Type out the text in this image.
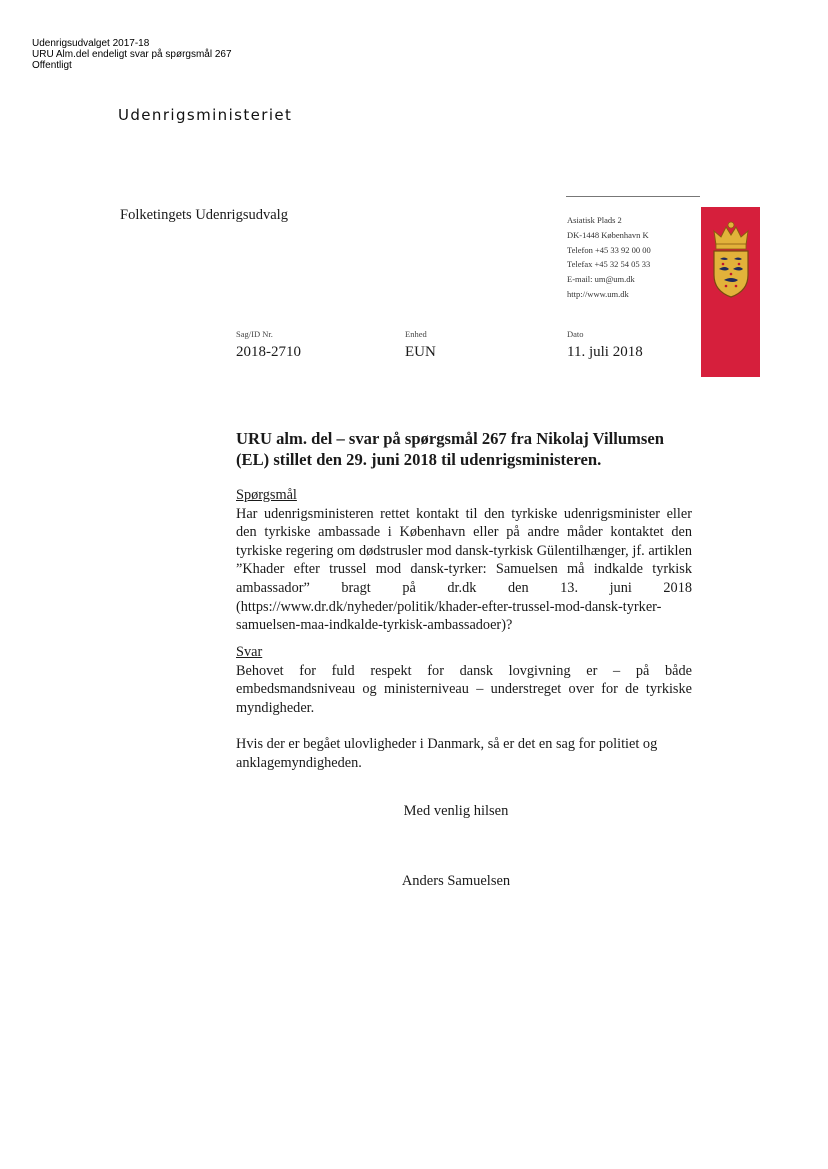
Udenrigsudvalget 2017-18
URU Alm.del endeligt svar på spørgsmål 267
Offentligt
Udenrigsministeriet
Folketingets Udenrigsudvalg	Asiatisk Plads 2
DK-1448 København K
Telefon +45 33 92 00 00
Telefax +45 32 54 05 33
E-mail: um@um.dk
http://www.um.dk
Sag/ID Nr.
2018-2710
Enhed
EUN
Dato
11. juli 2018
URU alm. del – svar på spørgsmål 267 fra Nikolaj Villumsen (EL) stillet den 29. juni 2018 til udenrigsministeren.
Spørgsmål
Har udenrigsministeren rettet kontakt til den tyrkiske udenrigsminister eller den tyrkiske ambassade i København eller på andre måder kontaktet den tyrkiske regering om dødstrusler mod dansk-tyrkisk Gülentilhænger, jf. artiklen ”Khader efter trussel mod dansk-tyrker: Samuelsen må indkalde tyrkisk ambassador” bragt på dr.dk den 13. juni 2018 (https://www.dr.dk/nyheder/politik/khader-efter-trussel-mod-dansk-tyrker-samuelsen-maa-indkalde-tyrkisk-ambassadoer)?
Svar
Behovet for fuld respekt for dansk lovgivning er – på både embedsmandsniveau og ministerniveau – understreget over for de tyrkiske myndigheder.
Hvis der er begået ulovligheder i Danmark, så er det en sag for politiet og anklagemyndigheden.
Med venlig hilsen
Anders Samuelsen
